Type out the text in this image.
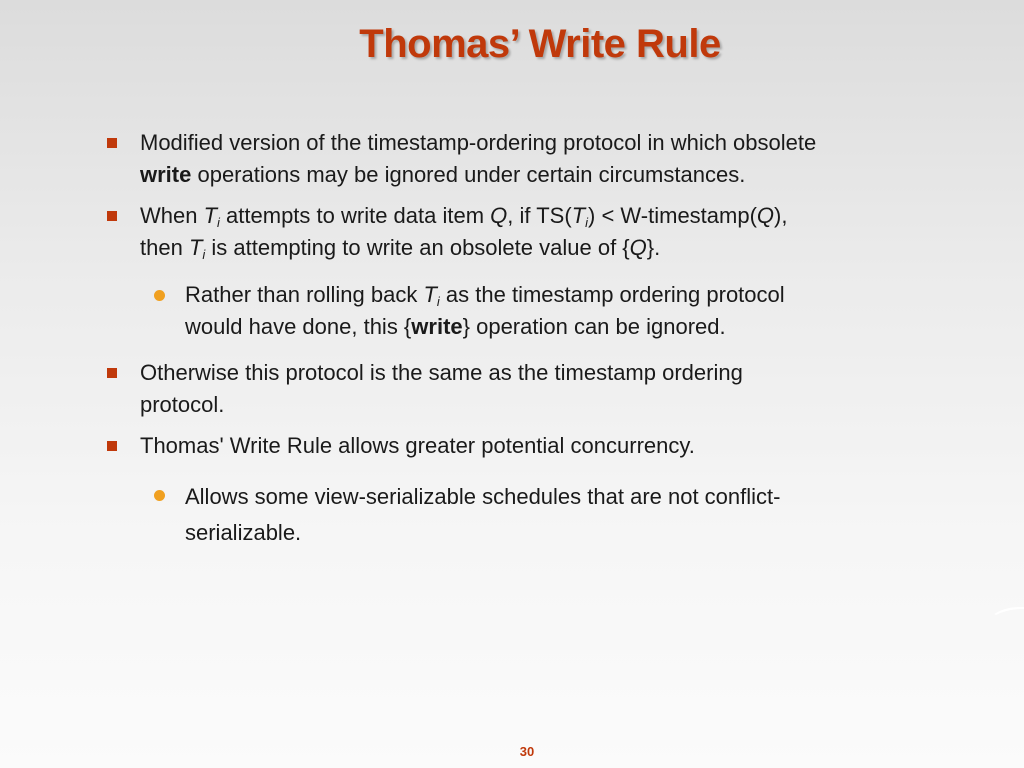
Thomas’ Write Rule
Modified version of the timestamp-ordering protocol in which obsolete
write operations may be ignored under certain circumstances.
When $T_i$ attempts to write data item Q, if $TS(T_i)$ < W-timestamp(Q),
then $T_i$ is attempting to write an obsolete value of {Q}.
Rather than rolling back $T_i$ as the timestamp ordering protocol
would have done, this {write} operation can be ignored.
Otherwise this protocol is the same as the timestamp ordering
protocol.
Thomas' Write Rule allows greater potential concurrency.
Allows some view-serializable schedules that are not conflict-
serializable.
30
